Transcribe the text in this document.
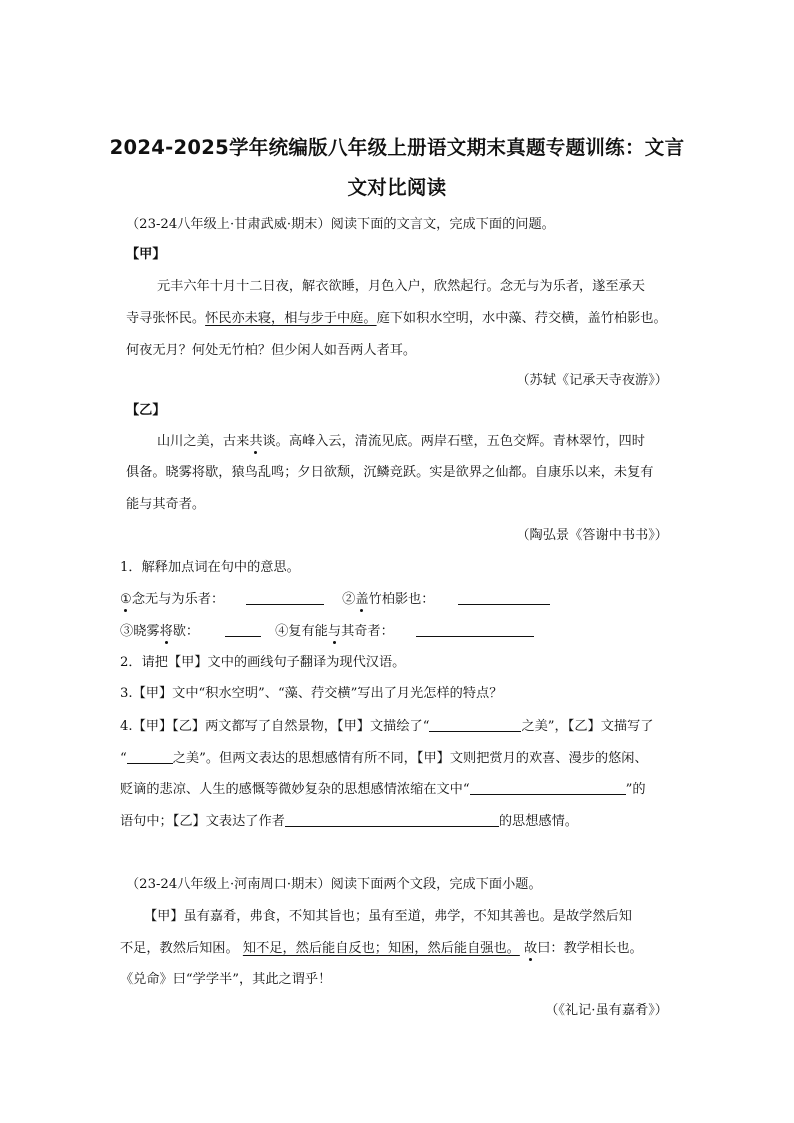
2024-2025学年统编版八年级上册语文期末真题专题训练：文言
文对比阅读
（23-24八年级上·甘肃武威·期末）阅读下面的文言文，完成下面的问题。
【甲】
元丰六年十月十二日夜，解衣欲睡，月色入户，欣然起行。念无与为乐者，遂至承天
寺寻张怀民。怀民亦未寝，相与步于中庭。庭下如积水空明，水中藻、荇交横，盖竹柏影也。
何夜无月？何处无竹柏？但少闲人如吾两人者耳。
（苏轼《记承天寺夜游》）
【乙】
山川之美，古来共谈。高峰入云，清流见底。两岸石壁，五色交辉。青林翠竹，四时
俱备。晓雾将歇，猿鸟乱鸣；夕日欲颓，沉鳞竞跃。实是欲界之仙都。自康乐以来，未复有
能与其奇者。
（陶弘景《答谢中书书》）
1．解释加点词在句中的意思。
①念无与为乐者：	②盖竹柏影也：
③晓雾将歇：	④复有能与其奇者：
2．请把【甲】文中的画线句子翻译为现代汉语。
3.【甲】文中“积水空明”、“藻、荇交横”写出了月光怎样的特点？
4.【甲】【乙】两文都写了自然景物，【甲】文描绘了“	之美”，【乙】文描写了
“	之美”。但两文表达的思想感情有所不同，【甲】文则把赏月的欢喜、漫步的悠闲、
贬谪的悲凉、人生的感慨等微妙复杂的思想感情浓缩在文中“	”的
语句中；【乙】文表达了作者	的思想感情。
（23-24八年级上·河南周口·期末）阅读下面两个文段，完成下面小题。
【甲】虽有嘉肴，弗食，不知其旨也；虽有至道，弗学，不知其善也。是故学然后知
不足，教然后知困。 知不足，然后能自反也；知困，然后能自强也。 故曰：教学相长也。
《兑命》曰“学学半”，其此之谓乎！
（《礼记·虽有嘉肴》）
